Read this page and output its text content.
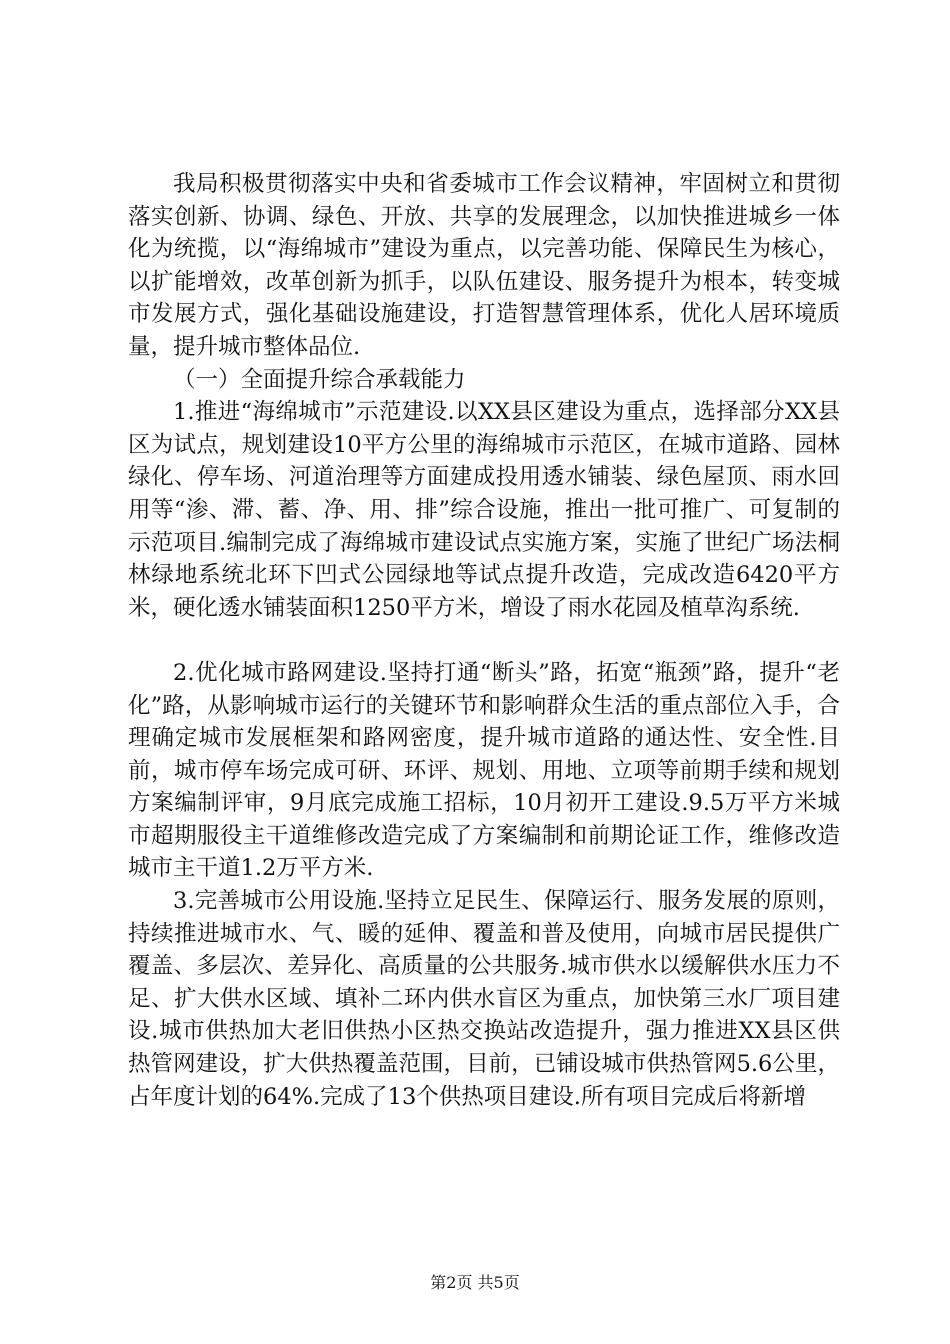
我局积极贯彻落实中央和省委城市工作会议精神，牢固树立和贯彻落实创新、协调、绿色、开放、共享的发展理念，以加快推进城乡一体化为统揽，以“海绵城市”建设为重点，以完善功能、保障民生为核心，以扩能增效，改革创新为抓手，以队伍建设、服务提升为根本，转变城市发展方式，强化基础设施建设，打造智慧管理体系，优化人居环境质量，提升城市整体品位.

（一）全面提升综合承载能力

1.推进“海绵城市”示范建设.以XX县区建设为重点，选择部分XX县区为试点，规划建设10平方公里的海绵城市示范区，在城市道路、园林绿化、停车场、河道治理等方面建成投用透水铺装、绿色屋顶、雨水回用等“渗、滞、蓄、净、用、排”综合设施，推出一批可推广、可复制的示范项目.编制完成了海绵城市建设试点实施方案，实施了世纪广场法桐林绿地系统北环下凹式公园绿地等试点提升改造，完成改造6420平方米，硬化透水铺装面积1250平方米，增设了雨水花园及植草沟系统.

2.优化城市路网建设.坚持打通“断头”路，拓宽“瓶颈”路，提升“老化”路，从影响城市运行的关键环节和影响群众生活的重点部位入手，合理确定城市发展框架和路网密度，提升城市道路的通达性、安全性.目前，城市停车场完成可研、环评、规划、用地、立项等前期手续和规划方案编制评审，9月底完成施工招标，10月初开工建设.9.5万平方米城市超期服役主干道维修改造完成了方案编制和前期论证工作，维修改造城市主干道1.2万平方米.

3.完善城市公用设施.坚持立足民生、保障运行、服务发展的原则，持续推进城市水、气、暖的延伸、覆盖和普及使用，向城市居民提供广覆盖、多层次、差异化、高质量的公共服务.城市供水以缓解供水压力不足、扩大供水区域、填补二环内供水盲区为重点，加快第三水厂项目建设.城市供热加大老旧供热小区热交换站改造提升，强力推进XX县区供热管网建设，扩大供热覆盖范围，目前，已铺设城市供热管网5.6公里，占年度计划的64%.完成了13个供热项目建设.所有项目完成后将新增

第2页 共5页
